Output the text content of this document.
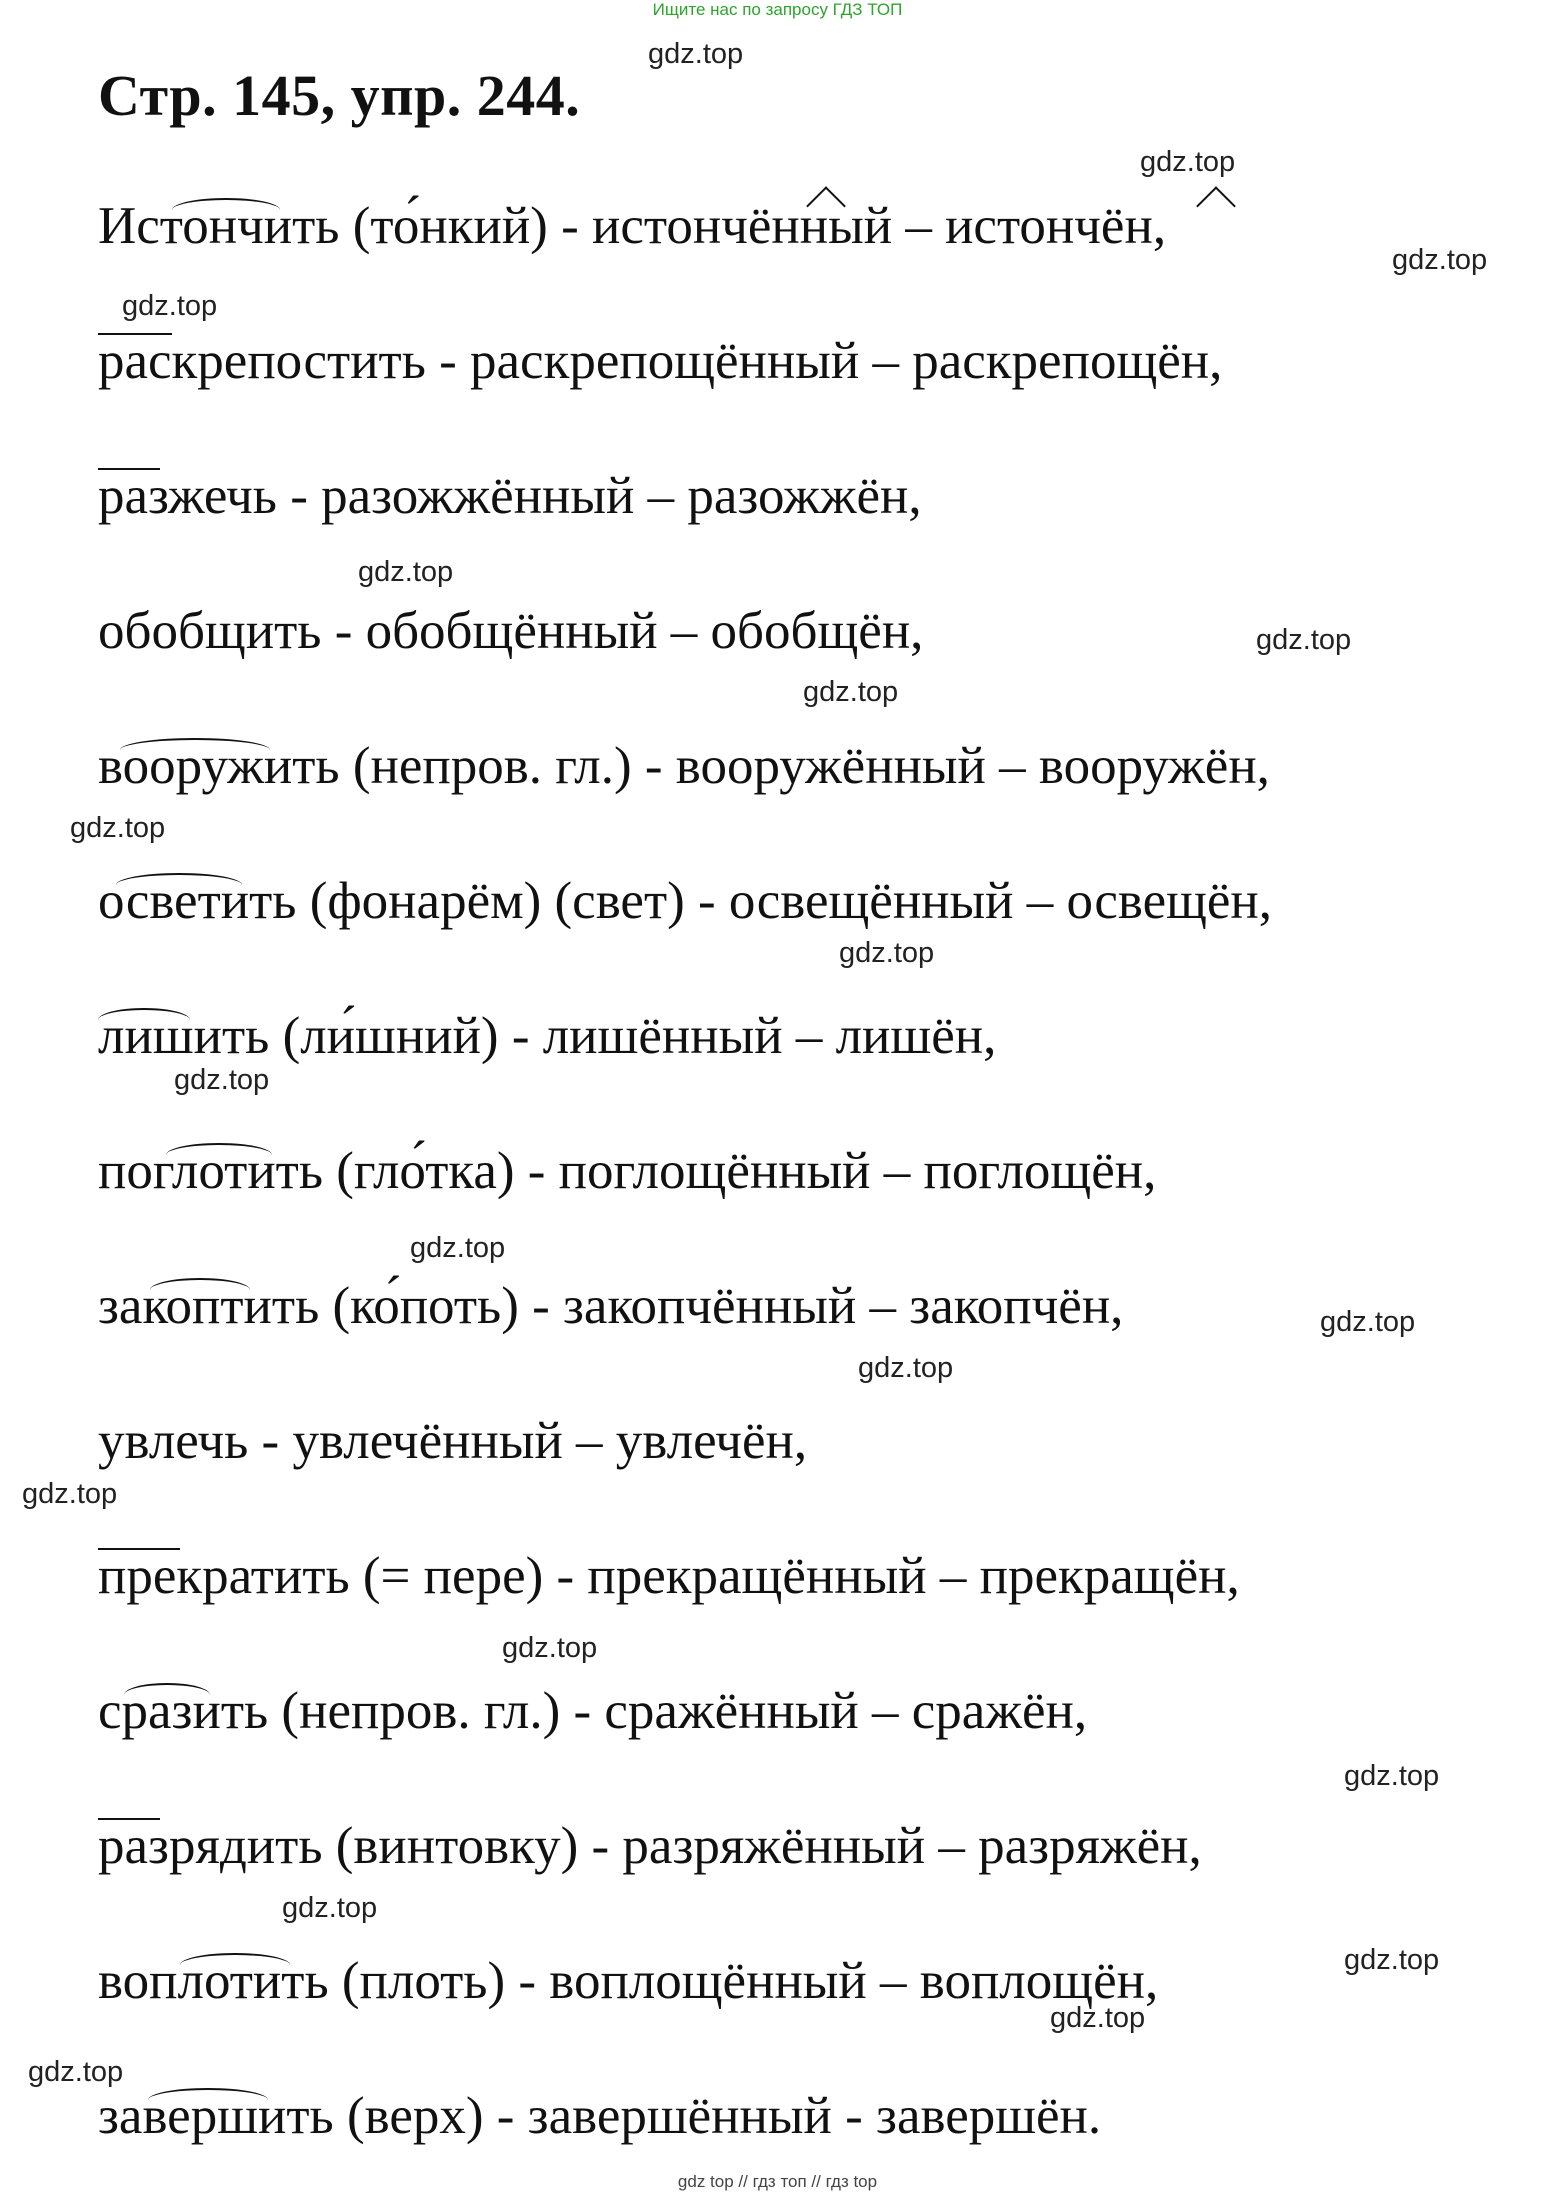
Ищите нас по запросу ГДЗ ТОП
Стр. 145, упр. 244.
gdz.top
Истончить (то́нкий) - истончённый – истончён,
раскрепостить - раскрепощённый – раскрепощён,
разжечь - разожжённый – разожжён,
обобщить - обобщённый – обобщён,
вооружить (непров. гл.) - вооружённый – вооружён,
осветить (фонарём) (свет) - освещённый – освещён,
лишить (ли́шний) - лишённый – лишён,
поглотить (гло́тка) - поглощённый – поглощён,
закоптить (ко́поть) - закопчённый – закопчён,
увлечь - увлечённый – увлечён,
прекратить (= пере) - прекращённый – прекращён,
сразить (непров. гл.) - сражённый – сражён,
разрядить (винтовку) - разряжённый – разряжён,
воплотить (плоть) - воплощённый – воплощён,
завершить (верх) - завершённый - завершён.
gdz.top
gdz.top
gdz.top
gdz.top
gdz.top
gdz.top
gdz.top
gdz.top
gdz.top
gdz.top
gdz.top
gdz.top
gdz.top
gdz.top
gdz.top
gdz.top
gdz.top
gdz.top
gdz.top
gdz top // гдз топ // гдз top
